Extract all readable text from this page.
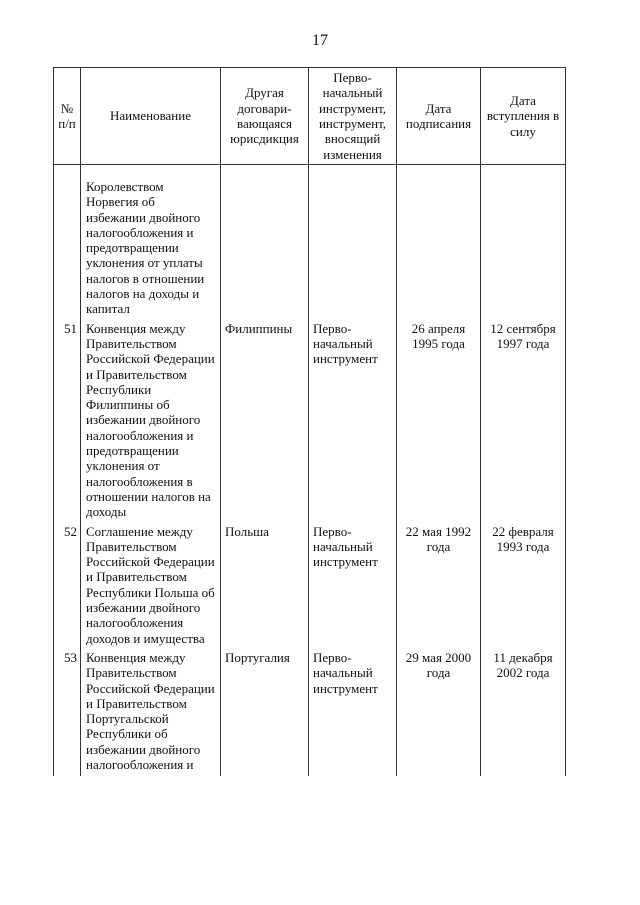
17
№
п/п	Наименование	Другая договари-вающаяся юрисдикция	Перво-начальный инструмент, инструмент, вносящий изменения	Дата подписания	Дата вступления в силу
	Королевством Норвегия об избежании двойного налогообложения и предотвращении уклонения от уплаты налогов в отношении налогов на доходы и капитал				
51	Конвенция между Правительством Российской Федерации и Правительством Республики Филиппины об избежании двойного налогообложения и предотвращении уклонения от налогообложения в отношении налогов на доходы	Филиппины	Перво-начальный инструмент	26 апреля 1995 года	12 сентября 1997 года
52	Соглашение между Правительством Российской Федерации и Правительством Республики Польша об избежании двойного налогообложения доходов и имущества	Польша	Перво-начальный инструмент	22 мая 1992 года	22 февраля 1993 года
53	Конвенция между Правительством Российской Федерации и Правительством Португальской Республики об избежании двойного налогообложения и	Португалия	Перво-начальный инструмент	29 мая 2000 года	11 декабря 2002 года
